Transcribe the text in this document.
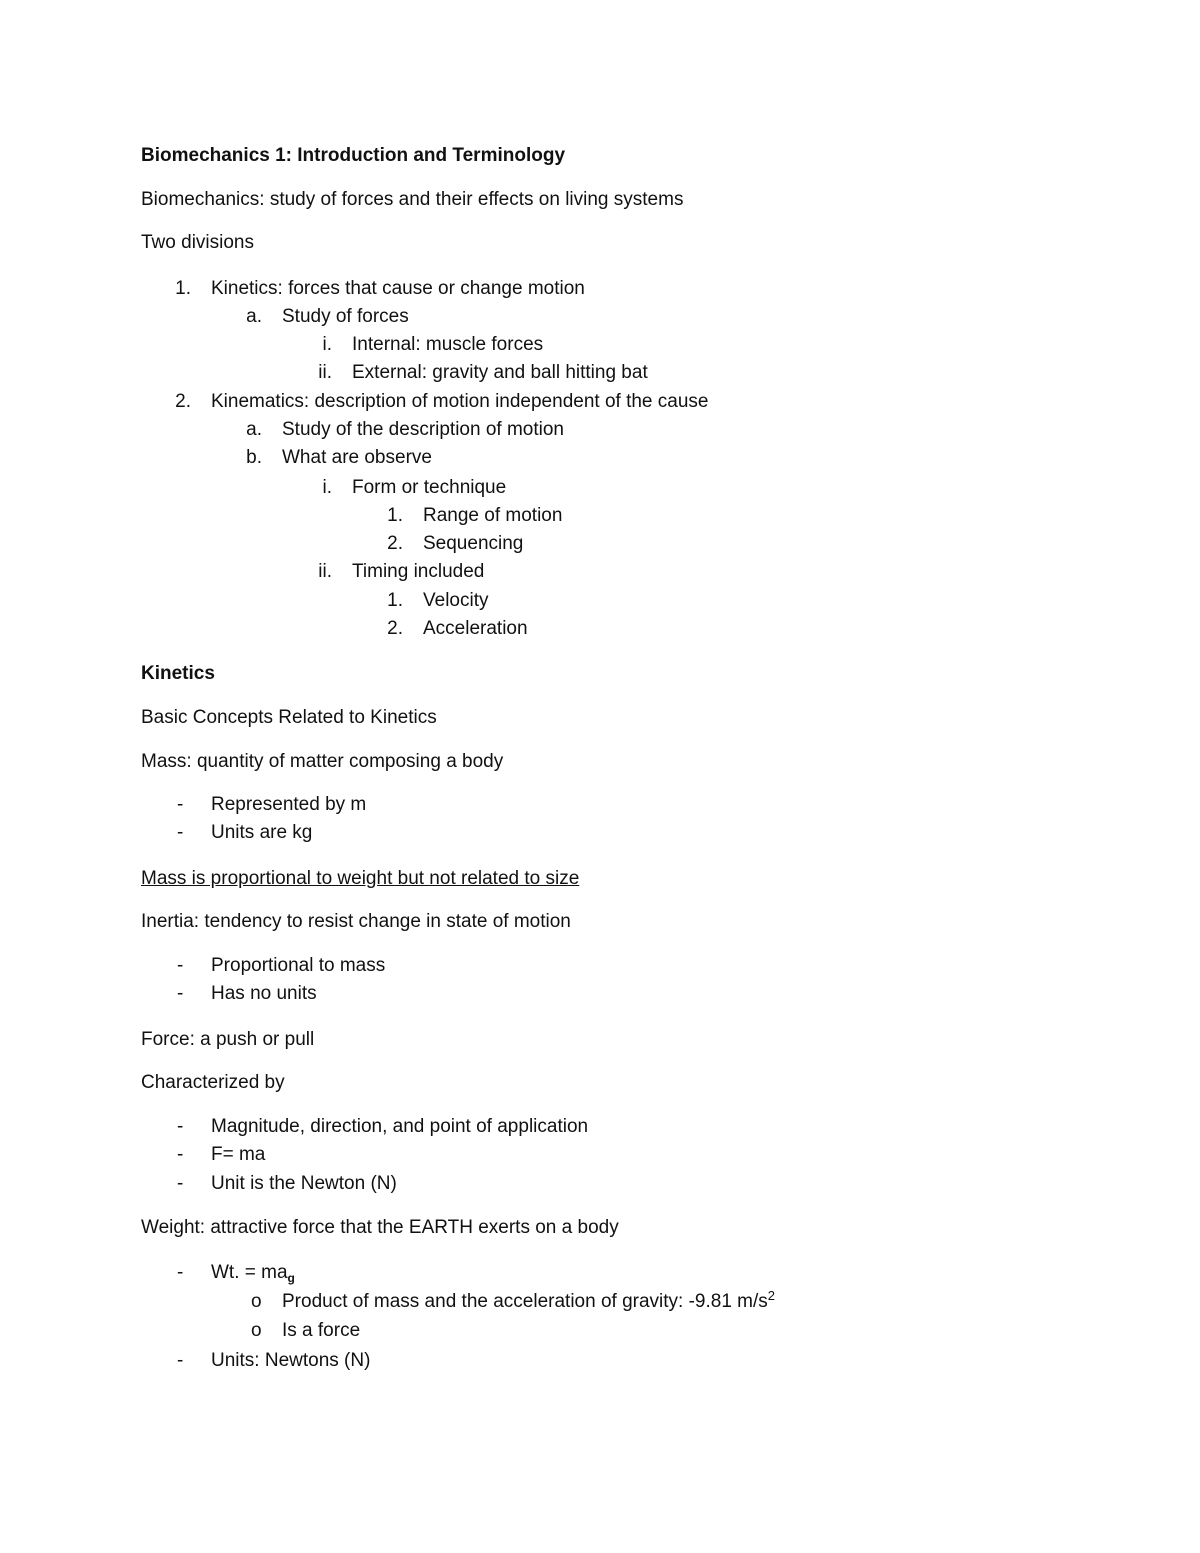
Biomechanics 1: Introduction and Terminology
Biomechanics: study of forces and their effects on living systems
Two divisions
1. Kinetics: forces that cause or change motion
a. Study of forces
i. Internal: muscle forces
ii. External: gravity and ball hitting bat
2. Kinematics: description of motion independent of the cause
a. Study of the description of motion
b. What are observe
i. Form or technique
1. Range of motion
2. Sequencing
ii. Timing included
1. Velocity
2. Acceleration
Kinetics
Basic Concepts Related to Kinetics
Mass: quantity of matter composing a body
- Represented by m
- Units are kg
Mass is proportional to weight but not related to size
Inertia: tendency to resist change in state of motion
- Proportional to mass
- Has no units
Force: a push or pull
Characterized by
- Magnitude, direction, and point of application
- F= ma
- Unit is the Newton (N)
Weight: attractive force that the EARTH exerts on a body
- Wt. = $ma_g$
o Product of mass and the acceleration of gravity: -9.81 $m/s^2$
o Is a force
- Units: Newtons (N)
